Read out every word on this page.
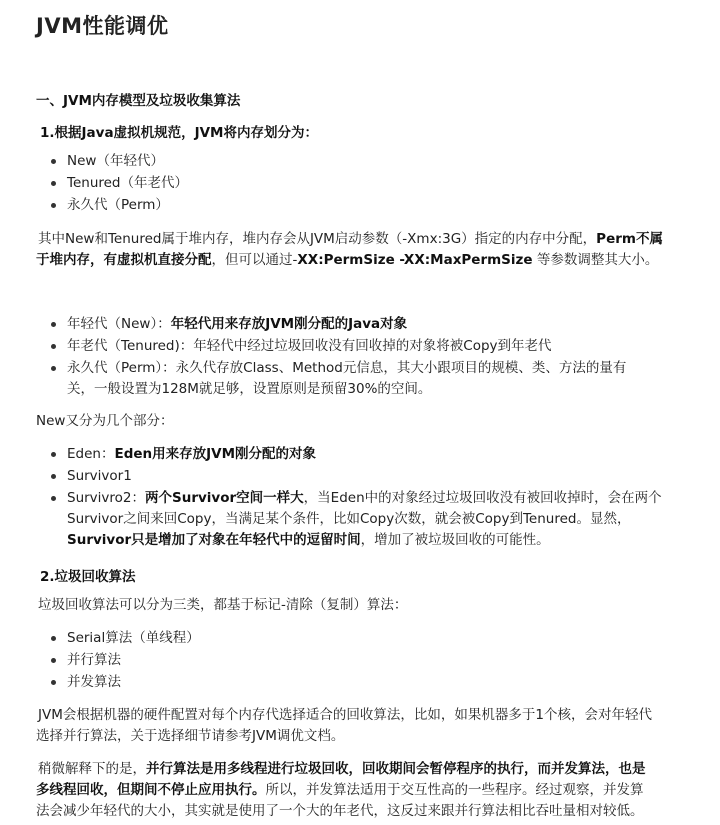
JVM性能调优
一、JVM内存模型及垃圾收集算法
1.根据Java虚拟机规范，JVM将内存划分为：
New（年轻代）
Tenured（年老代）
永久代（Perm）
其中New和Tenured属于堆内存，堆内存会从JVM启动参数（-Xmx:3G）指定的内存中分配，Perm不属
于堆内存，有虚拟机直接分配，但可以通过-XX:PermSize -XX:MaxPermSize 等参数调整其大小。
年轻代（New）：年轻代用来存放JVM刚分配的Java对象
年老代（Tenured)：年轻代中经过垃圾回收没有回收掉的对象将被Copy到年老代
永久代（Perm）：永久代存放Class、Method元信息，其大小跟项目的规模、类、方法的量有
关，一般设置为128M就足够，设置原则是预留30%的空间。
New又分为几个部分：
Eden：Eden用来存放JVM刚分配的对象
Survivor1
Survivro2：两个Survivor空间一样大，当Eden中的对象经过垃圾回收没有被回收掉时，会在两个
Survivor之间来回Copy，当满足某个条件，比如Copy次数，就会被Copy到Tenured。显然，
Survivor只是增加了对象在年轻代中的逗留时间，增加了被垃圾回收的可能性。
2.垃圾回收算法
垃圾回收算法可以分为三类，都基于标记-清除（复制）算法：
Serial算法（单线程）
并行算法
并发算法
JVM会根据机器的硬件配置对每个内存代选择适合的回收算法，比如，如果机器多于1个核，会对年轻代
选择并行算法，关于选择细节请参考JVM调优文档。
稍微解释下的是，并行算法是用多线程进行垃圾回收，回收期间会暂停程序的执行，而并发算法，也是
多线程回收，但期间不停止应用执行。所以，并发算法适用于交互性高的一些程序。经过观察，并发算
法会减少年轻代的大小，其实就是使用了一个大的年老代，这反过来跟并行算法相比吞吐量相对较低。
